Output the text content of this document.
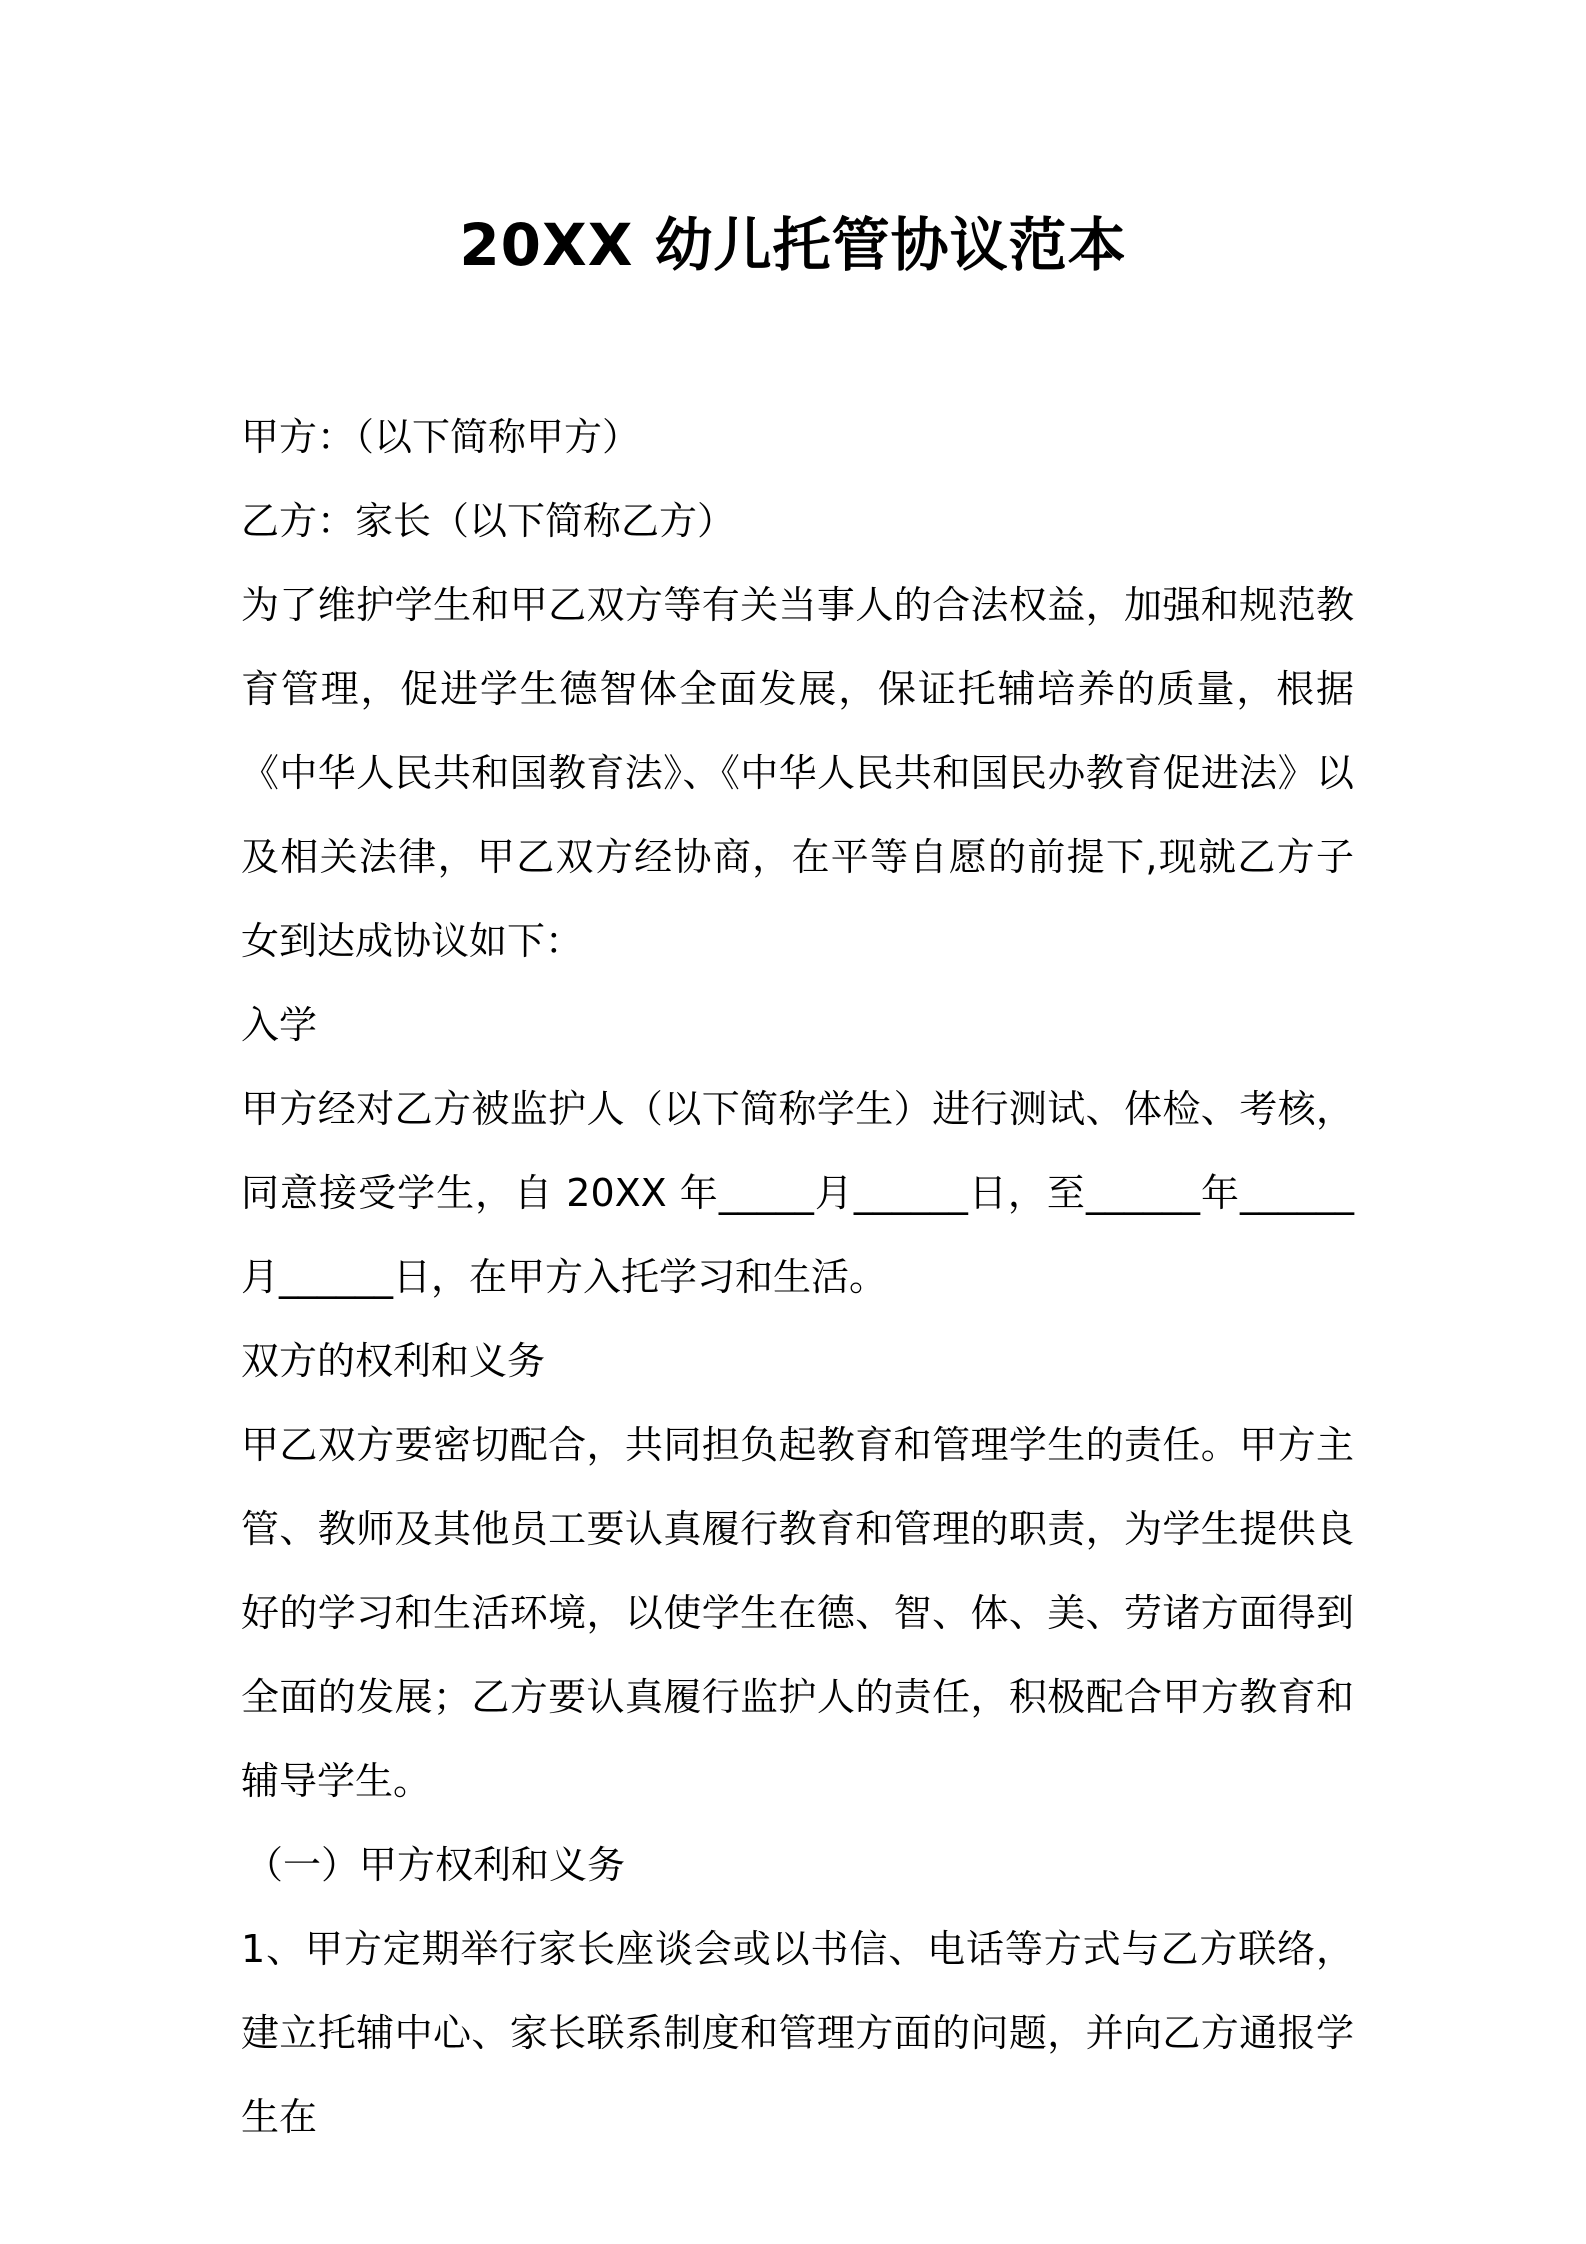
20XX 幼儿托管协议范本

甲方：（以下简称甲方）

乙方：家长（以下简称乙方）

为了维护学生和甲乙双方等有关当事人的合法权益，加强和规范教育管理，促进学生德智体全面发展，保证托辅培养的质量，根据《中华人民共和国教育法》、《中华人民共和国民办教育促进法》以及相关法律，甲乙双方经协商，在平等自愿的前提下,现就乙方子女到达成协议如下：

入学

甲方经对乙方被监护人（以下简称学生）进行测试、体检、考核，同意接受学生，自 20XX 年_____月______日，至______年______月______日，在甲方入托学习和生活。

双方的权利和义务

甲乙双方要密切配合，共同担负起教育和管理学生的责任。甲方主管、教师及其他员工要认真履行教育和管理的职责，为学生提供良好的学习和生活环境，以使学生在德、智、体、美、劳诸方面得到全面的发展；乙方要认真履行监护人的责任，积极配合甲方教育和辅导学生。

（一）甲方权利和义务

1、甲方定期举行家长座谈会或以书信、电话等方式与乙方联络，建立托辅中心、家长联系制度和管理方面的问题，并向乙方通报学生在
